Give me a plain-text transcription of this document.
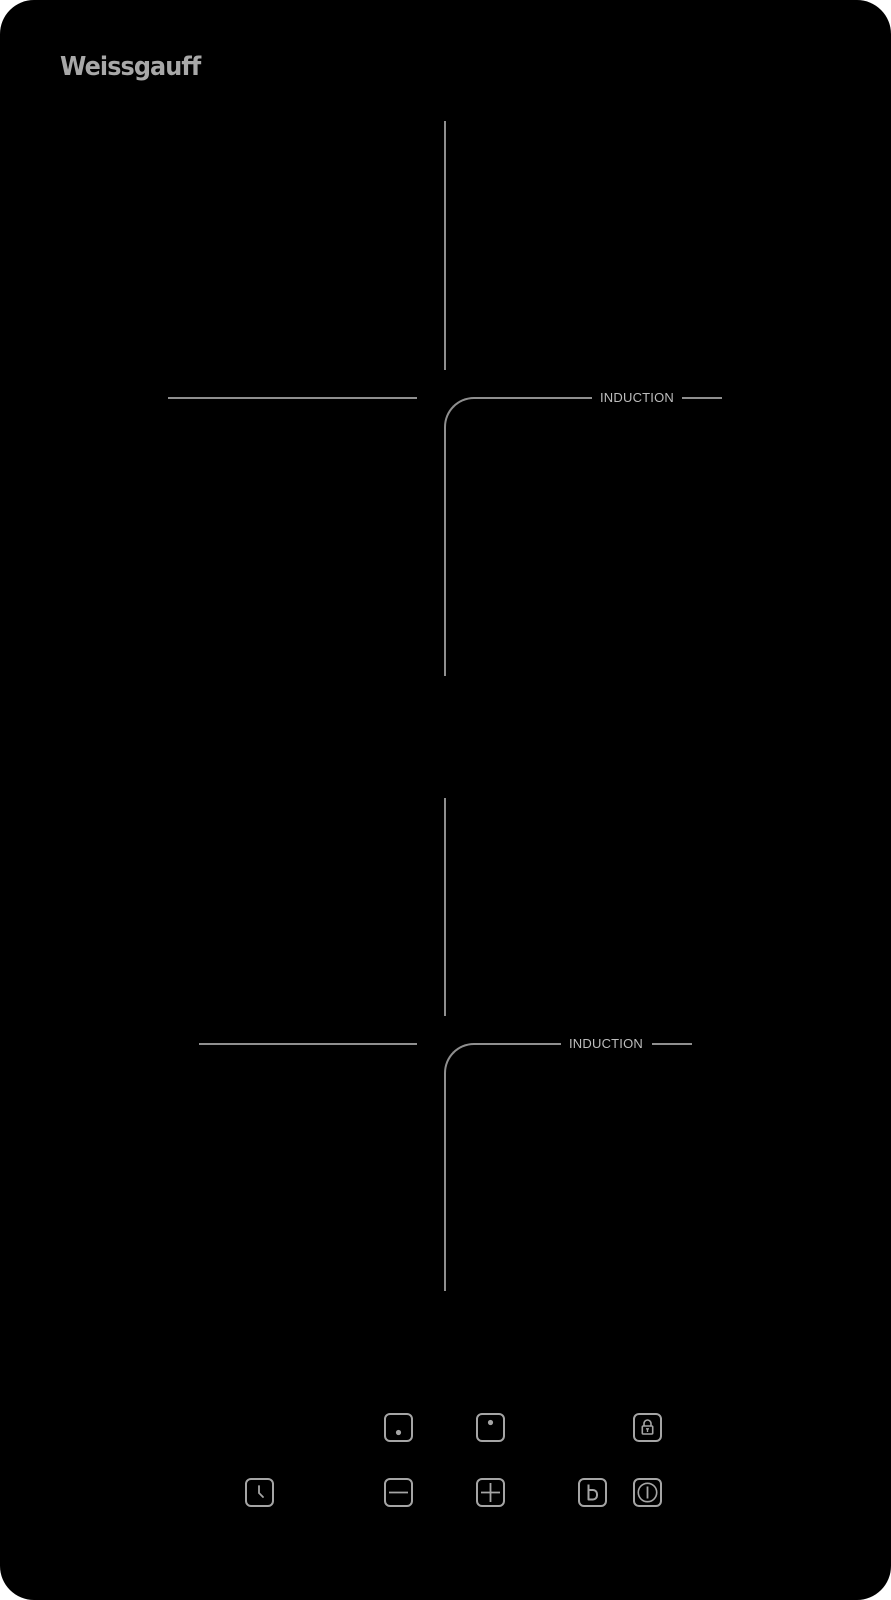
Weissgauff
INDUCTION
INDUCTION
